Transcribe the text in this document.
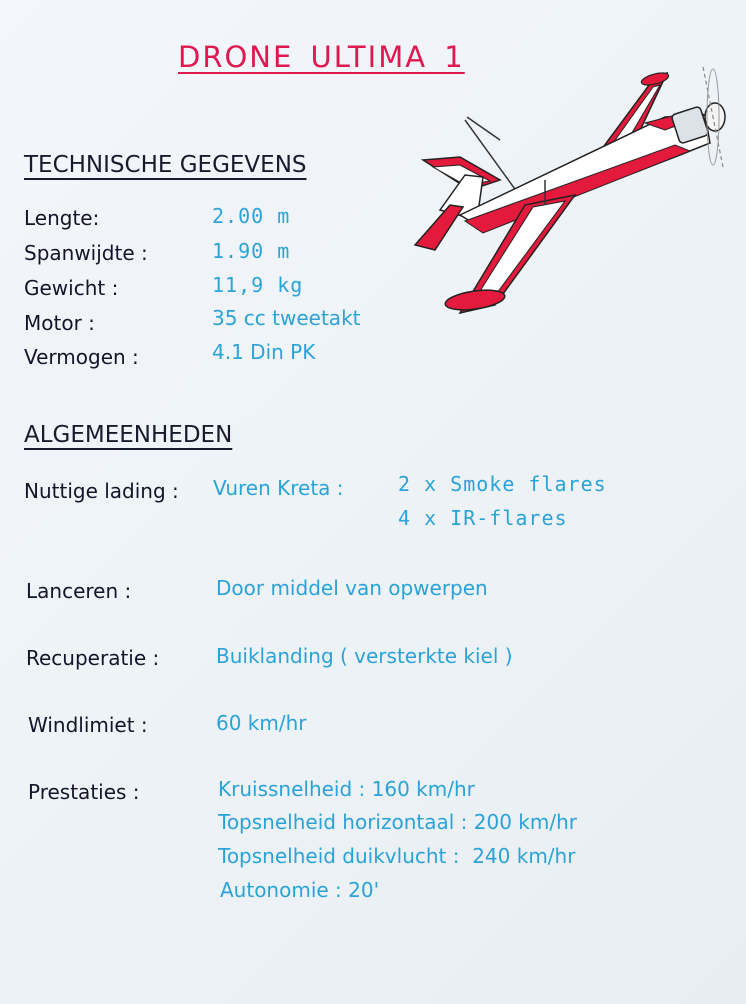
DRONE ULTIMA 1
TECHNISCHE GEGEVENS
Lengte:	2.00 m
Spanwijdte :	1.90 m
Gewicht :	11,9 kg
Motor :	35 cc tweetakt
Vermogen :	4.1 Din PK
ALGEMEENHEDEN
Nuttige lading : Vuren Kreta :	2 x Smoke flares
4 x IR-flares
Lanceren :	Door middel van opwerpen
Recuperatie :	Buiklanding ( versterkte kiel )
Windlimiet :	60 km/hr
Prestaties :	Kruissnelheid : 160 km/hr
Topsnelheid horizontaal : 200 km/hr
Topsnelheid duikvlucht :  240 km/hr
Autonomie : 20'
